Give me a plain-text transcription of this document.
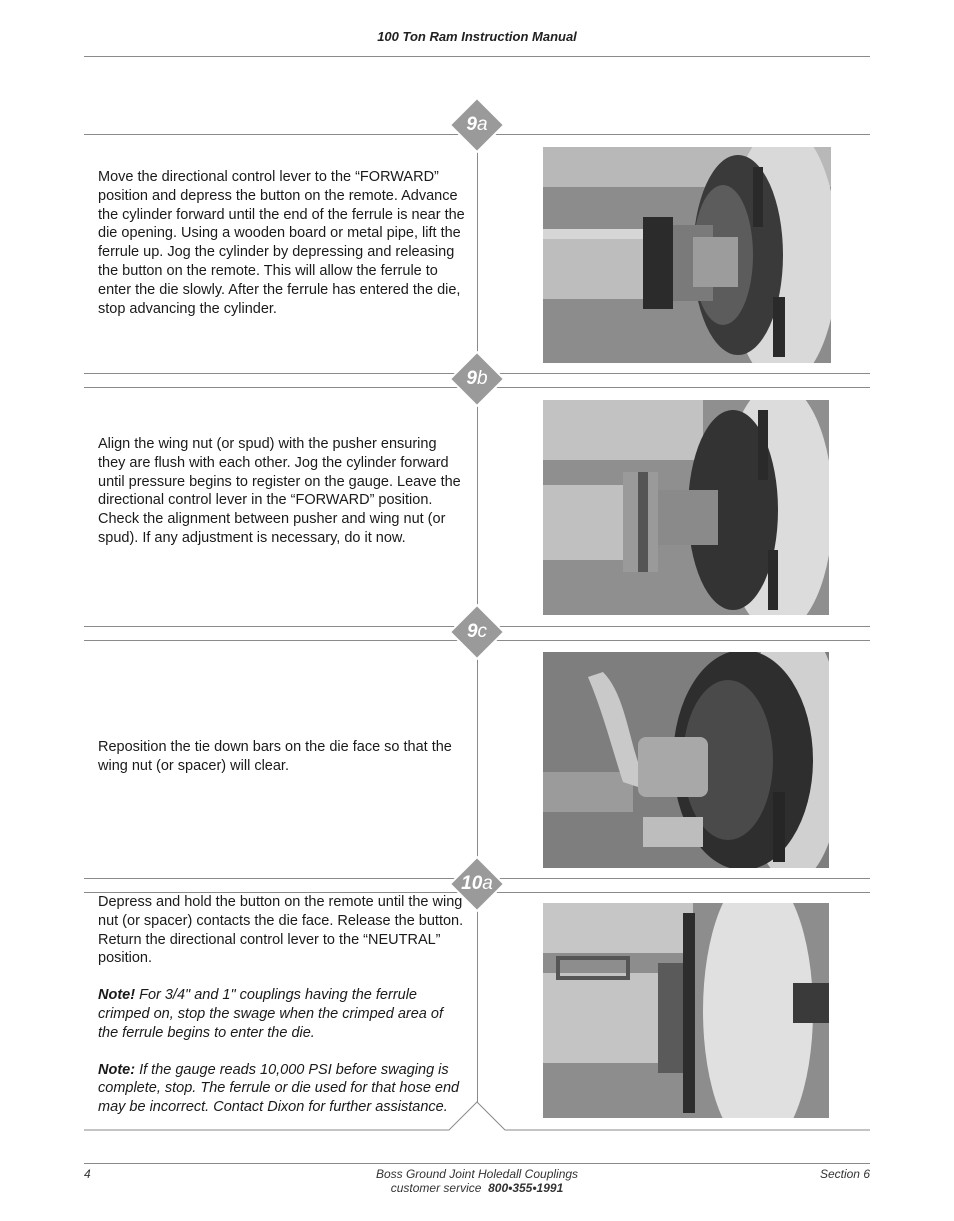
100 Ton Ram Instruction Manual
9 a

Move the directional control lever to the “FORWARD” position and depress the button on the remote. Advance the cylinder forward until the end of the ferrule is near the die opening. Using a wooden board or metal pipe, lift the ferrule up. Jog the cylinder by depressing and releasing the button on the remote. This will allow the ferrule to enter the die slowly. After the ferrule has entered the die, stop advancing the cylinder.

9 b

Align the wing nut (or spud) with the pusher ensuring they are flush with each other. Jog the cylinder forward until pressure begins to register on the gauge. Leave the directional control lever in the “FORWARD” position. Check the alignment between pusher and wing nut (or spud). If any adjustment is necessary, do it now.

9 c

Reposition the tie down bars on the die face so that the wing nut (or spacer) will clear.

10 a

Depress and hold the button on the remote until the wing nut (or spacer) contacts the die face. Release the button. Return the directional control lever to the “NEUTRAL” position.

Note! For 3/4" and 1" couplings having the ferrule crimped on, stop the swage when the crimped area of the ferrule begins to enter the die.

Note: If the gauge reads 10,000 PSI before swaging is complete, stop. The ferrule or die used for that hose end may be incorrect. Contact Dixon for further assistance.

4	Boss Ground Joint Holedall Couplings
customer service 800•355•1991
Section 6
